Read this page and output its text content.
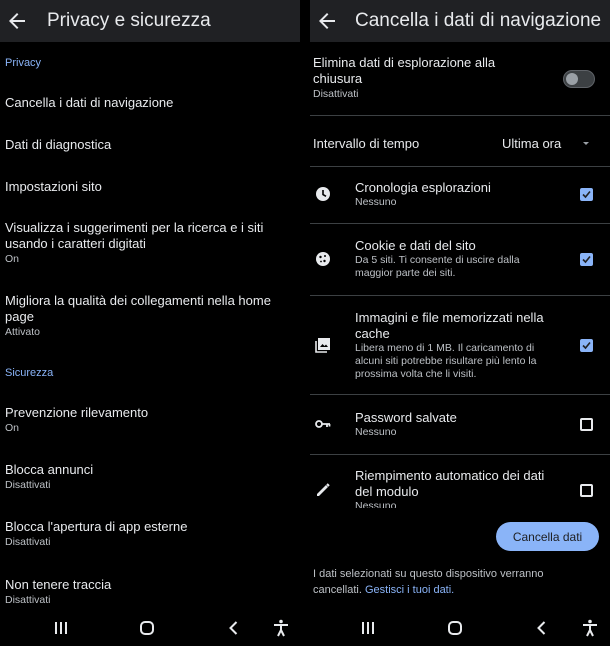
Privacy e sicurezza
Privacy
Cancella i dati di navigazione
Dati di diagnostica
Impostazioni sito
Visualizza i suggerimenti per la ricerca e i siti usando i caratteri digitati
On
Migliora la qualità dei collegamenti nella home page
Attivato
Sicurezza
Prevenzione rilevamento
On
Blocca annunci
Disattivati
Blocca l'apertura di app esterne
Disattivati
Non tenere traccia
Disattivati
Cancella i dati di navigazione
Elimina dati di esplorazione alla chiusura
Disattivati
Intervallo di tempo	Ultima ora
Cronologia esplorazioni
Nessuno
Cookie e dati del sito
Da 5 siti. Ti consente di uscire dalla maggior parte dei siti.
Immagini e file memorizzati nella cache
Libera meno di 1 MB. Il caricamento di alcuni siti potrebbe risultare più lento la prossima volta che li visiti.
Password salvate
Nessuno
Riempimento automatico dei dati del modulo
Nessuno
Cancella dati
I dati selezionati su questo dispositivo verranno cancellati. Gestisci i tuoi dati.
